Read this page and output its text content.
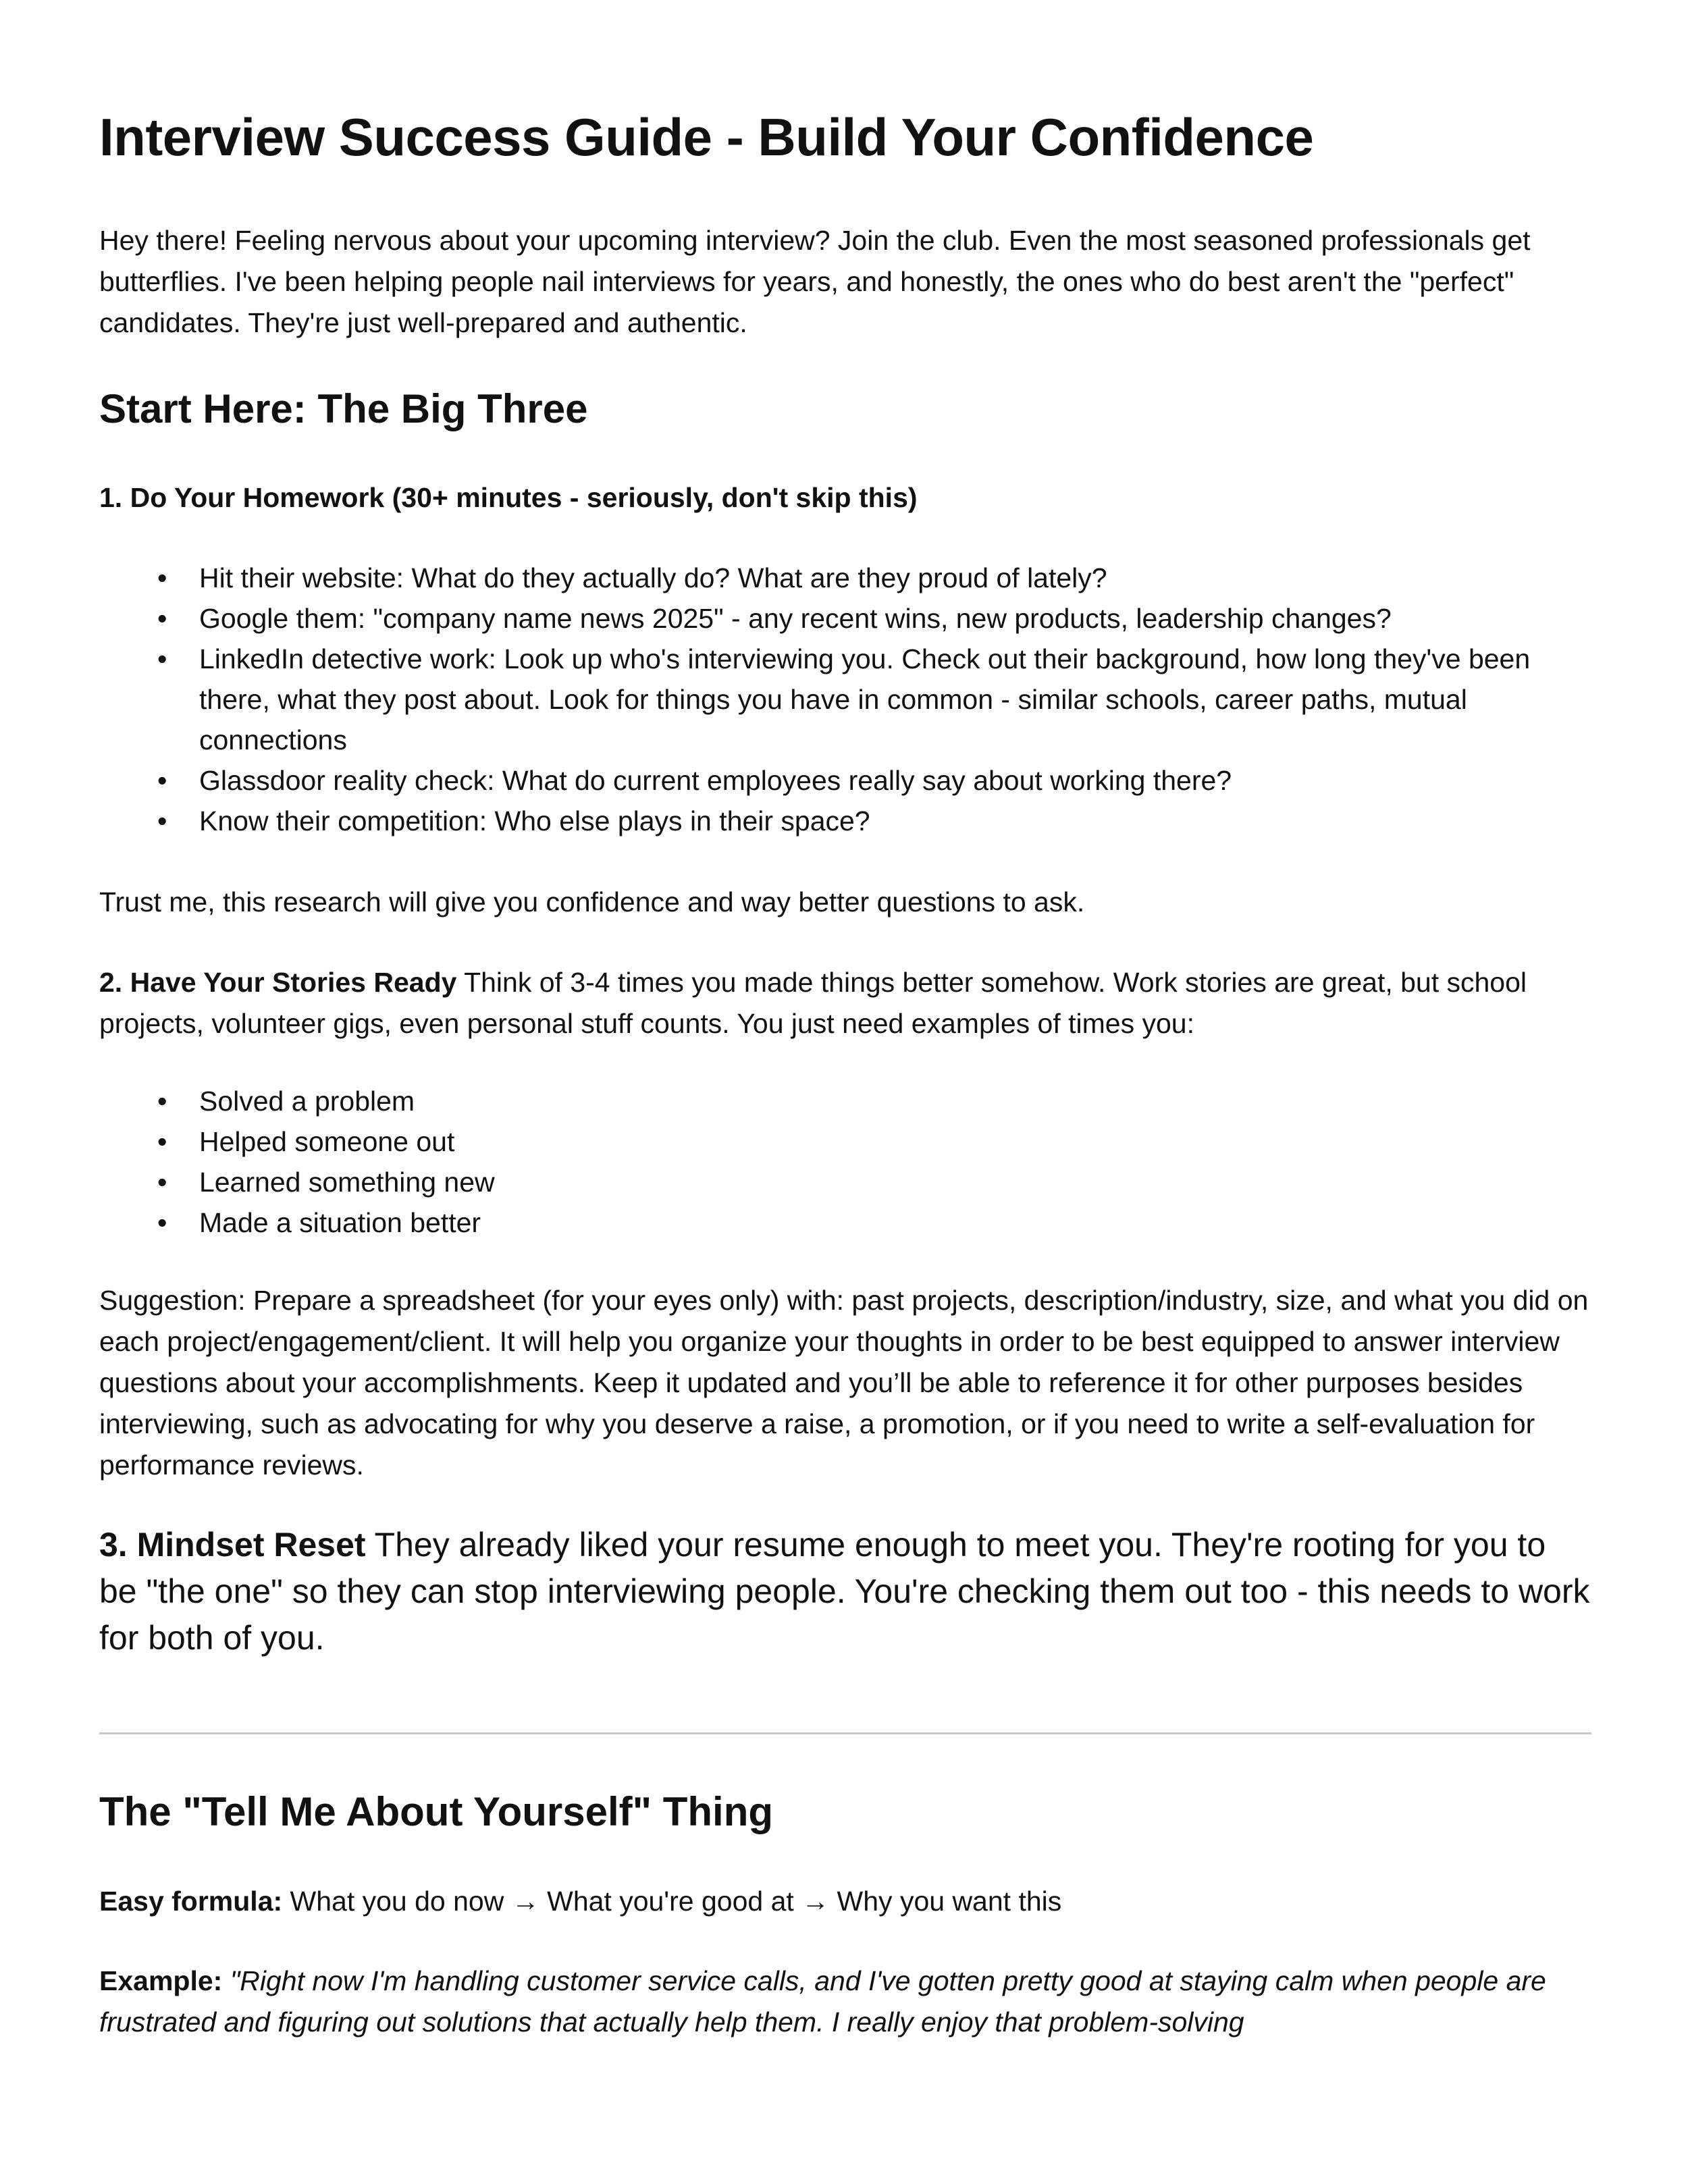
Interview Success Guide - Build Your Confidence

Hey there! Feeling nervous about your upcoming interview? Join the club. Even the most seasoned professionals get butterflies. I've been helping people nail interviews for years, and honestly, the ones who do best aren't the "perfect" candidates. They're just well-prepared and authentic.

Start Here: The Big Three
1. Do Your Homework (30+ minutes - seriously, don't skip this)
• Hit their website: What do they actually do? What are they proud of lately?
• Google them: "company name news 2025" - any recent wins, new products, leadership changes?
• LinkedIn detective work: Look up who's interviewing you. Check out their background, how long they've been there, what they post about. Look for things you have in common - similar schools, career paths, mutual connections
• Glassdoor reality check: What do current employees really say about working there?
• Know their competition: Who else plays in their space?

Trust me, this research will give you confidence and way better questions to ask.

2. Have Your Stories Ready Think of 3-4 times you made things better somehow. Work stories are great, but school projects, volunteer gigs, even personal stuff counts. You just need examples of times you:

• Solved a problem
• Helped someone out
• Learned something new
• Made a situation better

Suggestion: Prepare a spreadsheet (for your eyes only) with: past projects, description/industry, size, and what you did on each project/engagement/client. It will help you organize your thoughts in order to be best equipped to answer interview questions about your accomplishments. Keep it updated and you’ll be able to reference it for other purposes besides interviewing, such as advocating for why you deserve a raise, a promotion, or if you need to write a self-evaluation for performance reviews.

3. Mindset Reset They already liked your resume enough to meet you. They're rooting for you to be "the one" so they can stop interviewing people. You're checking them out too - this needs to work for both of you.

The "Tell Me About Yourself" Thing

Easy formula: What you do now → What you're good at → Why you want this

Example: "Right now I'm handling customer service calls, and I've gotten pretty good at staying calm when people are frustrated and figuring out solutions that actually help them. I really enjoy that problem-solving
